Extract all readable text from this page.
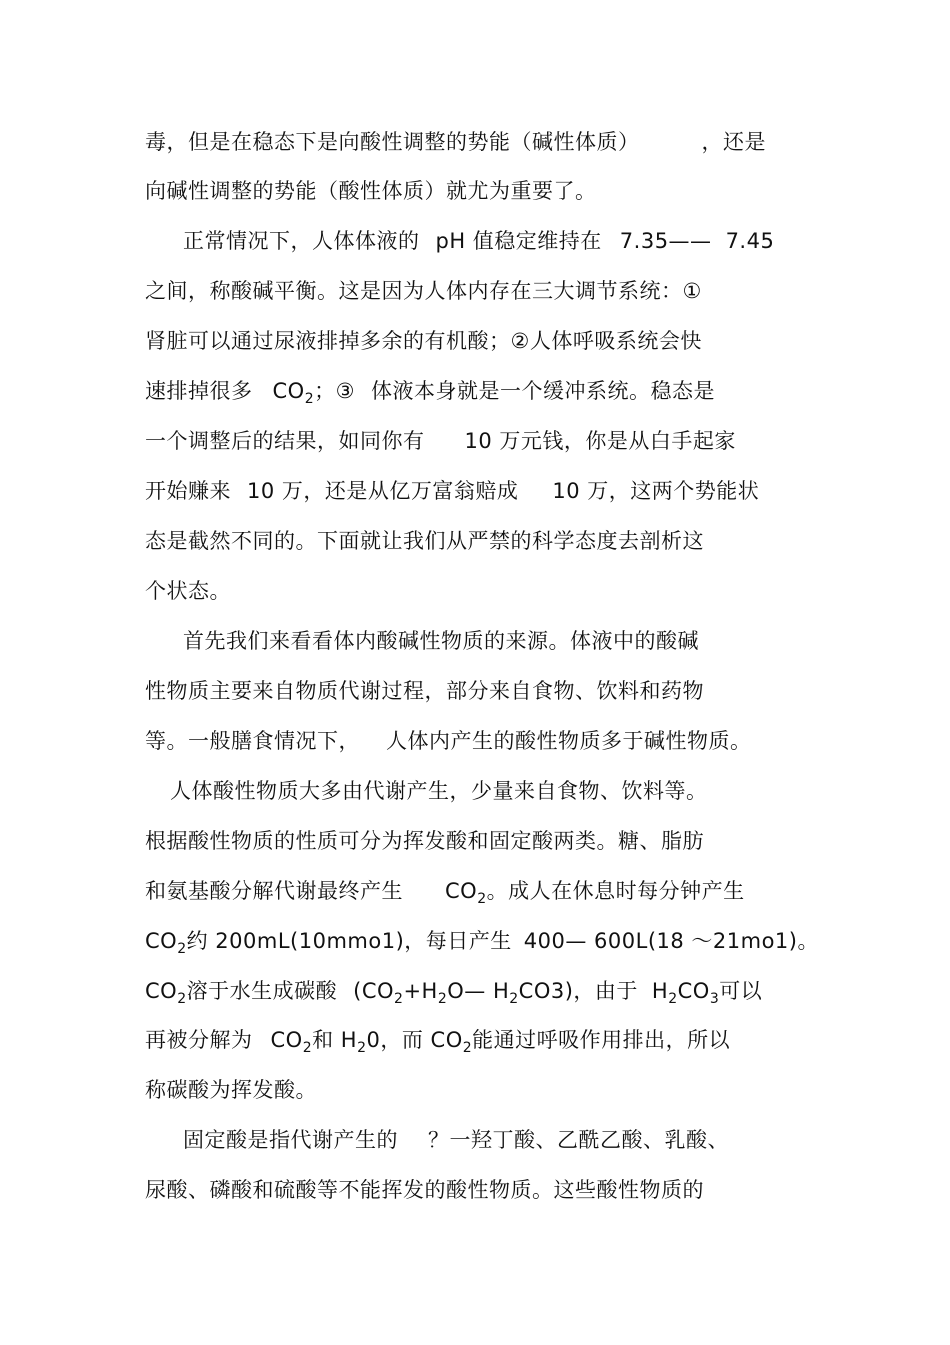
毒，但是在稳态下是向酸性调整的势能（碱性体质）	，还是
向碱性调整的势能（酸性体质）就尤为重要了。
正常情况下，人体体液的 pH 值稳定维持在 7.35—— 7.45
之间，称酸碱平衡。这是因为人体内存在三大调节系统：①
肾脏可以通过尿液排掉多余的有机酸；②人体呼吸系统会快
速排掉很多 $CO_2$；③ 体液本身就是一个缓冲系统。稳态是
一个调整后的结果，如同你有 10 万元钱，你是从白手起家
开始赚来 10 万，还是从亿万富翁赔成 10 万，这两个势能状
态是截然不同的。下面就让我们从严禁的科学态度去剖析这
个状态。
首先我们来看看体内酸碱性物质的来源。体液中的酸碱
性物质主要来自物质代谢过程，部分来自食物、饮料和药物
等。一般膳食情况下， 人体内产生的酸性物质多于碱性物质。
人体酸性物质大多由代谢产生，少量来自食物、饮料等。
根据酸性物质的性质可分为挥发酸和固定酸两类。糖、脂肪
和氨基酸分解代谢最终产生 $CO_2$。成人在休息时每分钟产生
$CO_2$约 200mL(10mmo1)，每日产生 400— 600L(18 ～21mo1)。
$CO_2$溶于水生成碳酸 ($CO_2+H_2O—$ $H_2CO3$)，由于 $H_2CO_3$可以
再被分解为 $CO_2$和 $H_20$，而 $CO_2$能通过呼吸作用排出，所以
称碳酸为挥发酸。
固定酸是指代谢产生的 ？一羟丁酸、乙酰乙酸、乳酸、
尿酸、磷酸和硫酸等不能挥发的酸性物质。这些酸性物质的
